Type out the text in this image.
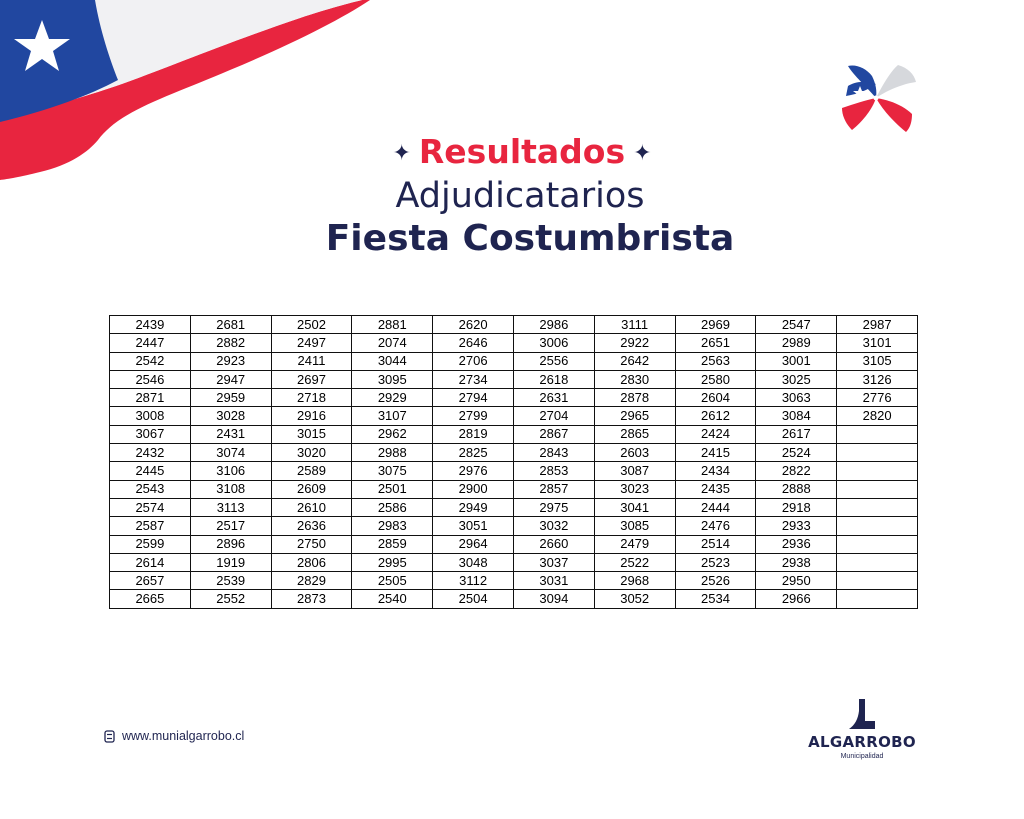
✦ Resultados ✦
Adjudicatarios
Fiesta Costumbrista
2439	2681	2502	2881	2620	2986	3111	2969	2547	2987
2447	2882	2497	2074	2646	3006	2922	2651	2989	3101
2542	2923	2411	3044	2706	2556	2642	2563	3001	3105
2546	2947	2697	3095	2734	2618	2830	2580	3025	3126
2871	2959	2718	2929	2794	2631	2878	2604	3063	2776
3008	3028	2916	3107	2799	2704	2965	2612	3084	2820
3067	2431	3015	2962	2819	2867	2865	2424	2617	
2432	3074	3020	2988	2825	2843	2603	2415	2524	
2445	3106	2589	3075	2976	2853	3087	2434	2822	
2543	3108	2609	2501	2900	2857	3023	2435	2888	
2574	3113	2610	2586	2949	2975	3041	2444	2918	
2587	2517	2636	2983	3051	3032	3085	2476	2933	
2599	2896	2750	2859	2964	2660	2479	2514	2936	
2614	1919	2806	2995	3048	3037	2522	2523	2938	
2657	2539	2829	2505	3112	3031	2968	2526	2950	
2665	2552	2873	2540	2504	3094	3052	2534	2966	
www.munialgarrobo.cl	ALGARROBO
Municipalidad
